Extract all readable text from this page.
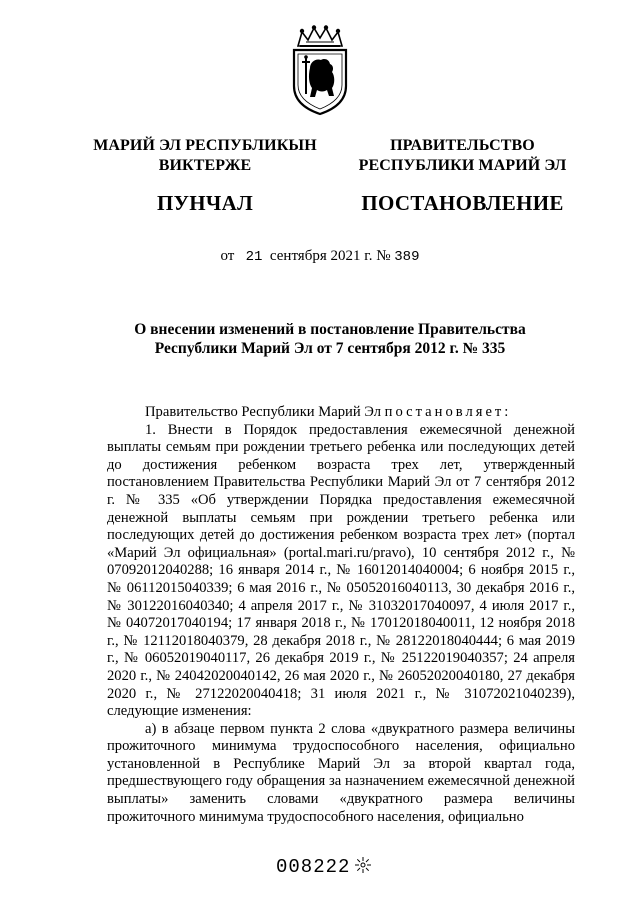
МАРИЙ ЭЛ РЕСПУБЛИКЫН
ВИКТЕРЖЕ
ПУНЧАЛ
ПРАВИТЕЛЬСТВО
РЕСПУБЛИКИ МАРИЙ ЭЛ
ПОСТАНОВЛЕНИЕ
от 21 сентября 2021 г. № 389
О внесении изменений в постановление Правительства
Республики Марий Эл от 7 сентября 2012 г. № 335

Правительство Республики Марий Эл постановляет:

1. Внести в Порядок предоставления ежемесячной денежной выплаты семьям при рождении третьего ребенка или последующих детей до достижения ребенком возраста трех лет, утвержденный постановлением Правительства Республики Марий Эл от 7 сентября 2012 г. № 335 «Об утверждении Порядка предоставления ежемесячной денежной выплаты семьям при рождении третьего ребенка или последующих детей до достижения ребенком возраста трех лет» (портал «Марий Эл официальная» (portal.mari.ru/pravo), 10 сентября 2012 г., № 07092012040288; 16 января 2014 г., № 16012014040004; 6 ноября 2015 г., № 06112015040339; 6 мая 2016 г., № 05052016040113, 30 декабря 2016 г., № 30122016040340; 4 апреля 2017 г., № 31032017040097, 4 июля 2017 г., № 04072017040194; 17 января 2018 г., № 17012018040011, 12 ноября 2018 г., № 12112018040379, 28 декабря 2018 г., № 28122018040444; 6 мая 2019 г., № 06052019040117, 26 декабря 2019 г., № 25122019040357; 24 апреля 2020 г., № 24042020040142, 26 мая 2020 г., № 26052020040180, 27 декабря 2020 г., № 27122020040418; 31 июля 2021 г., № 31072021040239), следующие изменения:

а) в абзаце первом пункта 2 слова «двукратного размера величины прожиточного минимума трудоспособного населения, официально установленной в Республике Марий Эл за второй квартал года, предшествующего году обращения за назначением ежемесячной денежной выплаты» заменить словами «двукратного размера величины прожиточного минимума трудоспособного населения, официально

008222
